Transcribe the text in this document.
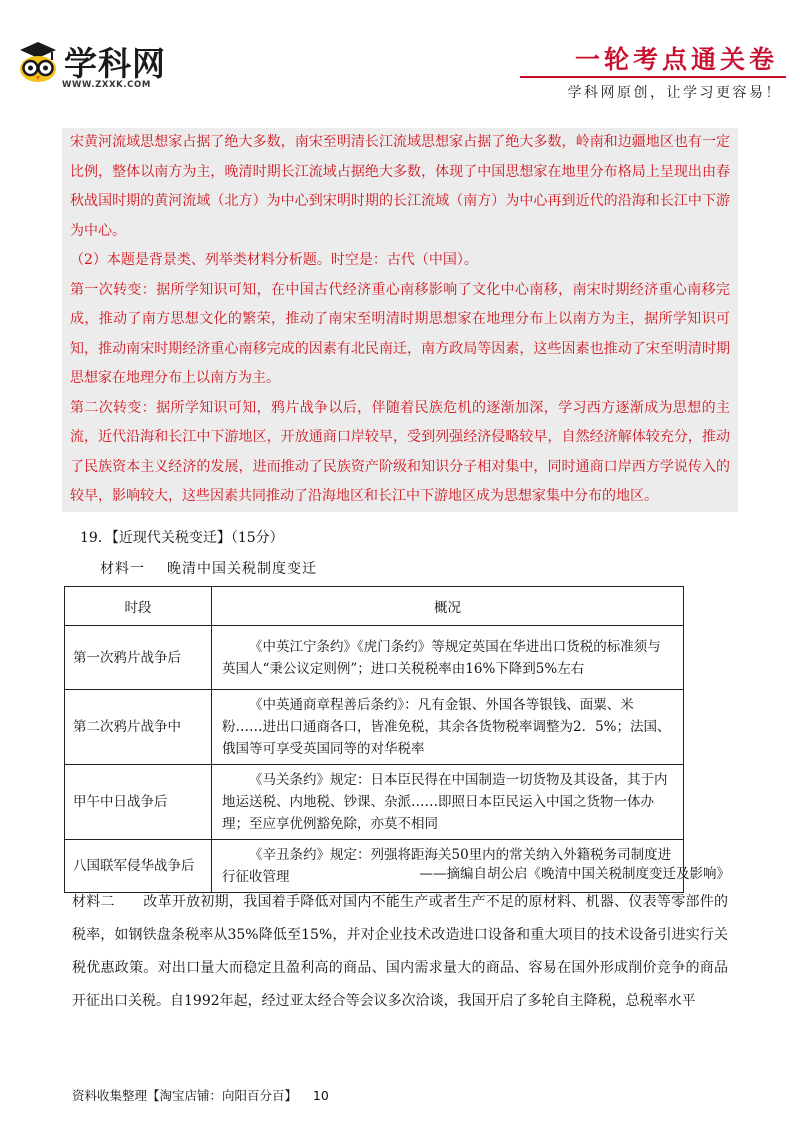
学科网
WWW.ZXXK.COM
一轮考点通关卷
学科网原创，让学习更容易！

宋黄河流域思想家占据了绝大多数，南宋至明清长江流域思想家占据了绝大多数，岭南和边疆地区也有一定比例，整体以南方为主，晚清时期长江流域占据绝大多数，体现了中国思想家在地里分布格局上呈现出由春秋战国时期的黄河流域（北方）为中心到宋明时期的长江流域（南方）为中心再到近代的沿海和长江中下游为中心。

（2）本题是背景类、列举类材料分析题。时空是：古代（中国）。

第一次转变：据所学知识可知，在中国古代经济重心南移影响了文化中心南移，南宋时期经济重心南移完成，推动了南方思想文化的繁荣，推动了南宋至明清时期思想家在地理分布上以南方为主，据所学知识可知，推动南宋时期经济重心南移完成的因素有北民南迁，南方政局等因素，这些因素也推动了宋至明清时期思想家在地理分布上以南方为主。

第二次转变：据所学知识可知，鸦片战争以后，伴随着民族危机的逐渐加深，学习西方逐渐成为思想的主流，近代沿海和长江中下游地区，开放通商口岸较早，受到列强经济侵略较早，自然经济解体较充分，推动了民族资本主义经济的发展，进而推动了民族资产阶级和知识分子相对集中，同时通商口岸西方学说传入的较早，影响较大，这些因素共同推动了沿海地区和长江中下游地区成为思想家集中分布的地区。

19．【近现代关税变迁】（15分）
材料一 晚清中国关税制度变迁
时段	概况
第一次鸦片战争后	《中英江宁条约》《虎门条约》等规定英国在华进出口货税的标准须与英国人“秉公议定则例”；进口关税税率由16%下降到5%左右
第二次鸦片战争中	《中英通商章程善后条约》：凡有金银、外国各等银钱、面粟、米粉……进出口通商各口，皆准免税，其余各货物税率调整为2．5%；法国、俄国等可享受英国同等的对华税率
甲午中日战争后	《马关条约》规定：日本臣民得在中国制造一切货物及其设备，其于内地运送税、内地税、钞课、杂派……即照日本臣民运入中国之货物一体办理；至应享优例豁免除，亦莫不相同
八国联军侵华战争后	《辛丑条约》规定：列强将距海关50里内的常关纳入外籍税务司制度进行征收管理	——摘编自胡公启《晚清中国关税制度变迁及影响》
材料二　　改革开放初期，我国着手降低对国内不能生产或者生产不足的原材料、机器、仪表等零部件的税率，如钢铁盘条税率从35%降低至15%，并对企业技术改造进口设备和重大项目的技术设备引进实行关税优惠政策。对出口量大而稳定且盈利高的商品、国内需求量大的商品、容易在国外形成削价竞争的商品开征出口关税。自1992年起，经过亚太经合等会议多次洽谈，我国开启了多轮自主降税，总税率水平
资料收集整理【淘宝店铺：向阳百分百】 10
